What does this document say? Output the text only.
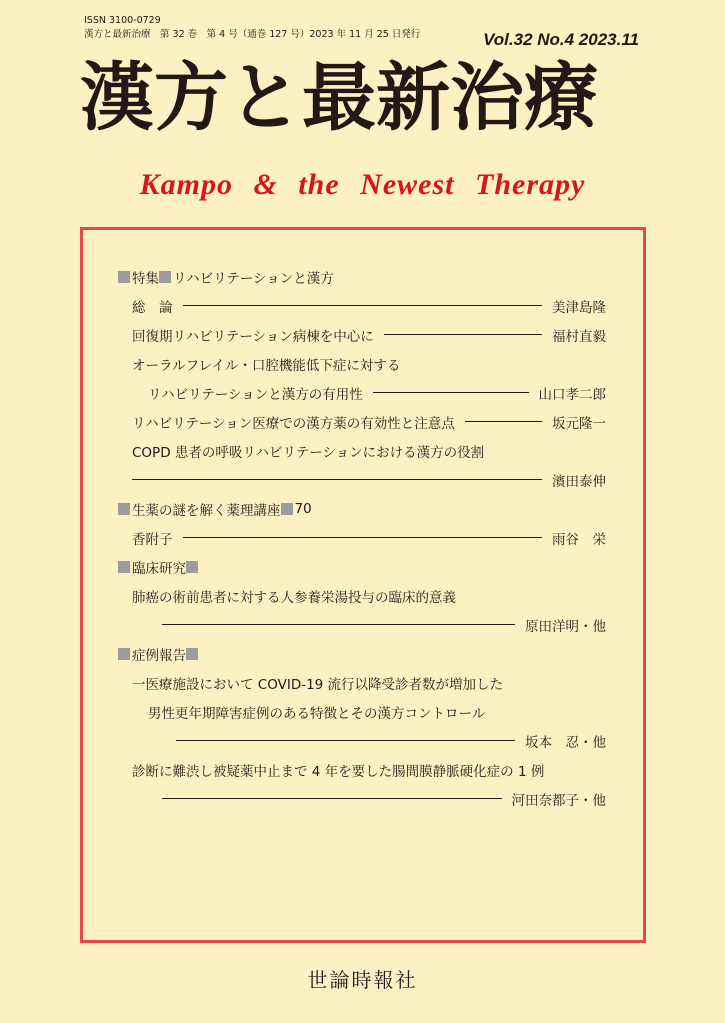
ISSN 3100-0729
漢方と最新治療　第 32 巻　第 4 号（通巻 127 号）2023 年 11 月 25 日発行	Vol.32 No.4 2023.11
漢方と最新治療
Kampo & the Newest Therapy
特集 リハビリテーションと漢方
総　論	美津島隆
回復期リハビリテーション病棟を中心に	福村直毅
オーラルフレイル・口腔機能低下症に対する
リハビリテーションと漢方の有用性	山口孝二郎
リハビリテーション医療での漢方薬の有効性と注意点	坂元隆一
COPD 患者の呼吸リハビリテーションにおける漢方の役割
濱田泰伸
生薬の謎を解く薬理講座 70
香附子	雨谷　栄
臨床研究
肺癌の術前患者に対する人参養栄湯投与の臨床的意義
原田洋明・他
症例報告
一医療施設において COVID-19 流行以降受診者数が増加した
男性更年期障害症例のある特徴とその漢方コントロール
坂本　忍・他
診断に難渋し被疑薬中止まで 4 年を要した腸間膜静脈硬化症の 1 例
河田奈都子・他
世論時報社
